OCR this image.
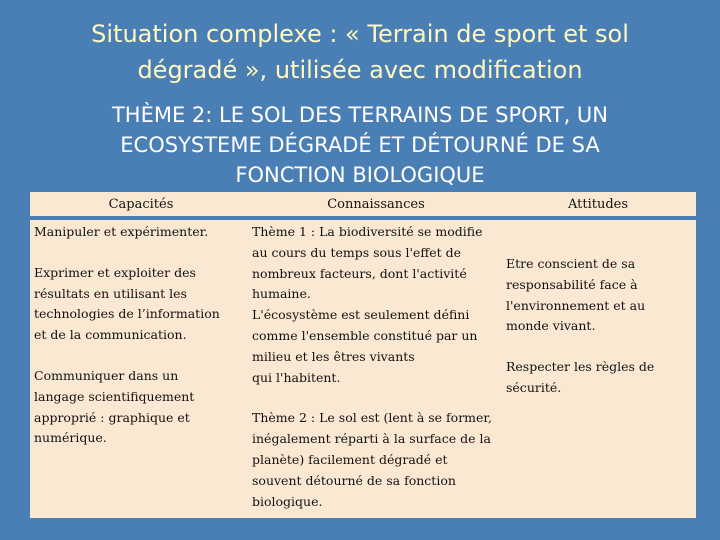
Situation complexe : « Terrain de sport et sol
dégradé », utilisée avec modification
THÈME 2: LE SOL DES TERRAINS DE SPORT, UN
ECOSYSTEME DÉGRADÉ ET DÉTOURNÉ DE SA
FONCTION BIOLOGIQUE
Capacités	Connaissances	Attitudes

Manipuler et expérimenter.

Exprimer et exploiter des

résultats en utilisant les

technologies de l’information

et de la communication.

Communiquer dans un

langage scientifiquement

approprié : graphique et

numérique.

Thème 1 : La biodiversité se modifie

au cours du temps sous l'effet de

nombreux facteurs, dont l'activité

humaine.

L'écosystème est seulement défini

comme l'ensemble constitué par un

milieu et les êtres vivants

qui l'habitent.

Thème 2 : Le sol est (lent à se former,

inégalement réparti à la surface de la

planète) facilement dégradé et

souvent détourné de sa fonction

biologique.

Etre conscient de sa

responsabilité face à

l'environnement et au

monde vivant.

Respecter les règles de

sécurité.
